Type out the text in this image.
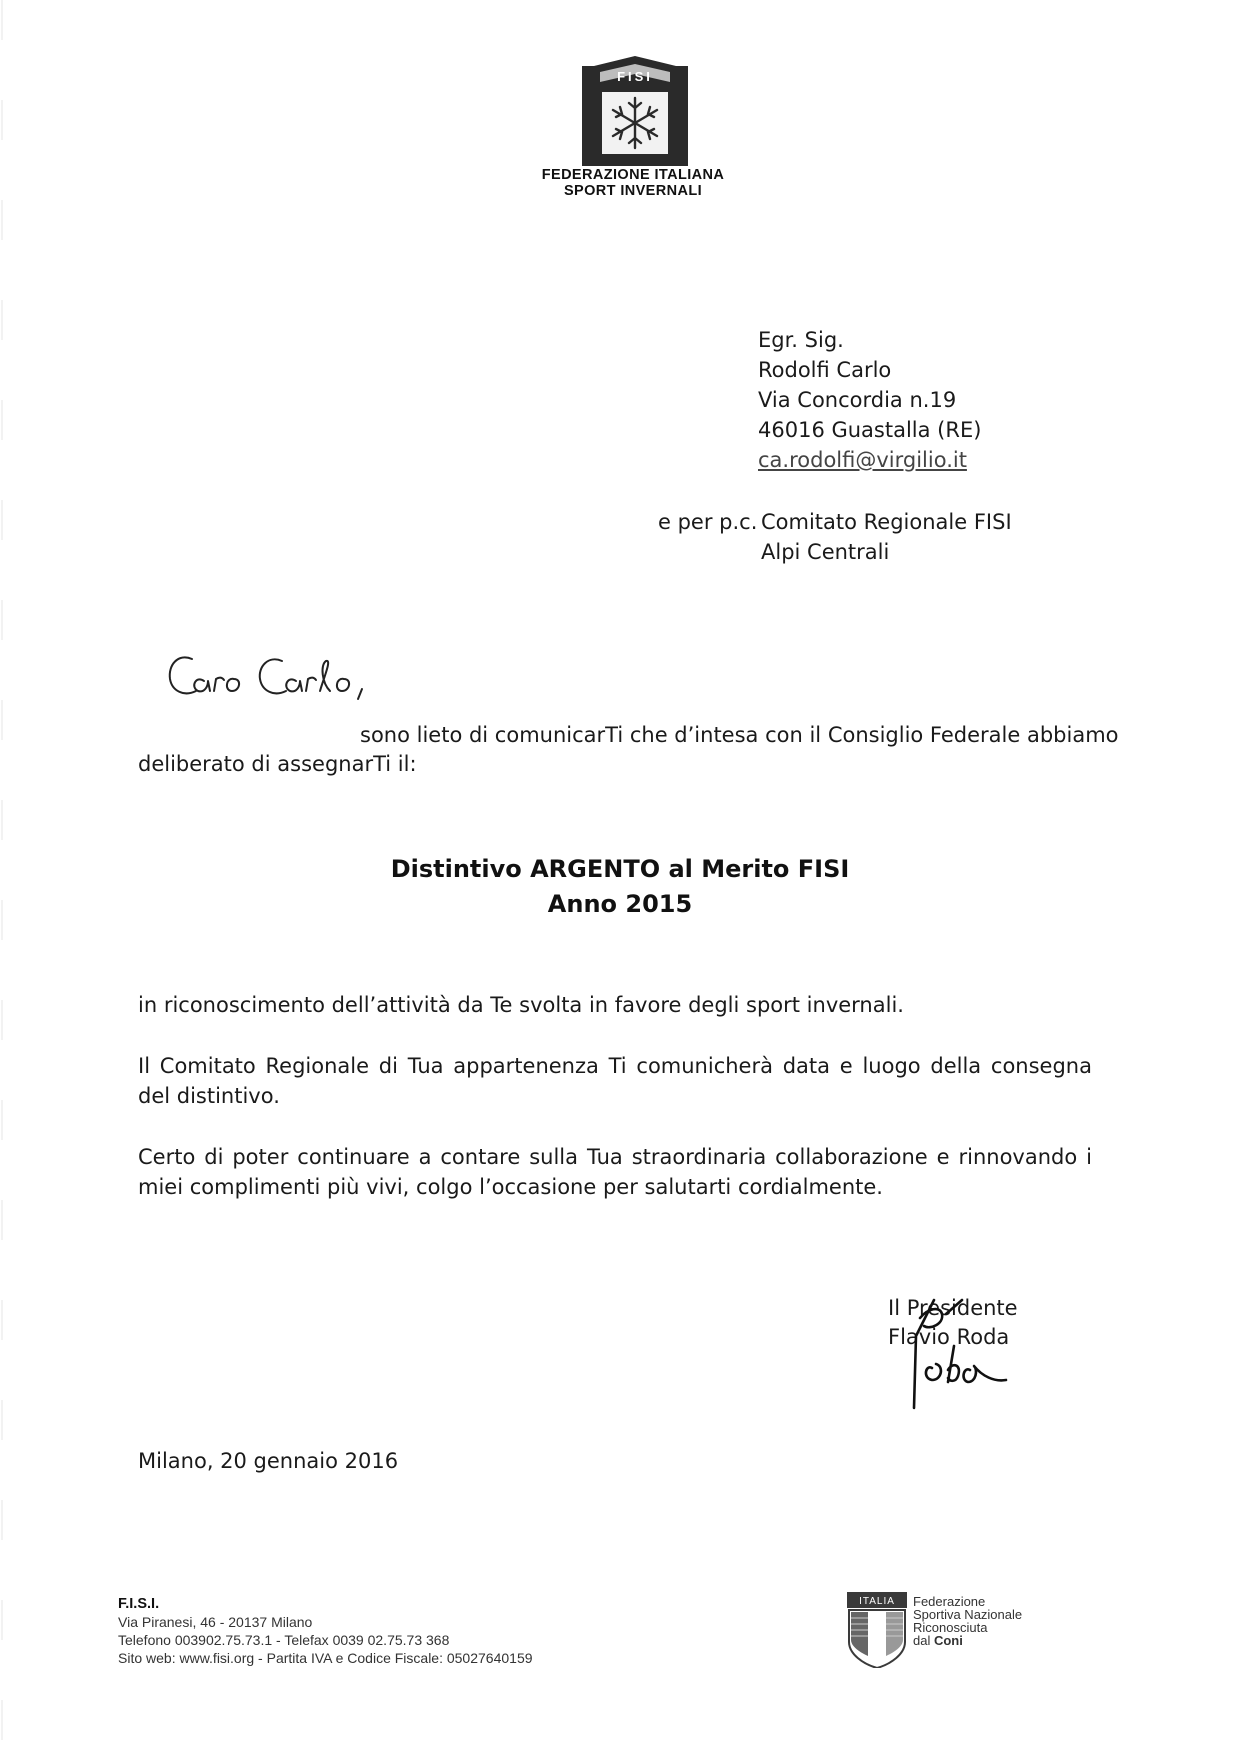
FISI
FEDERAZIONE ITALIANA
SPORT INVERNALI
Egr. Sig.
Rodolfi Carlo
Via Concordia n.19
46016 Guastalla (RE)
ca.rodolfi@virgilio.it
e per p.c. Comitato Regionale FISI
Alpi Centrali
Caro Carlo,
sono lieto di comunicarTi che d’intesa con il Consiglio Federale abbiamo
deliberato di assegnarTi il:
Distintivo ARGENTO al Merito FISI
Anno 2015
in riconoscimento dell’attività da Te svolta in favore degli sport invernali.
Il Comitato Regionale di Tua appartenenza Ti comunicherà data e luogo della consegna del distintivo.
Certo di poter continuare a contare sulla Tua straordinaria collaborazione e rinnovando i miei complimenti più vivi, colgo l’occasione per salutarti cordialmente.
Il Presidente
Flavio Roda
Milano, 20 gennaio 2016
F.I.S.I.
Via Piranesi, 46 - 20137 Milano
Telefono 003902.75.73.1 - Telefax 0039 02.75.73 368
Sito web: www.fisi.org - Partita IVA e Codice Fiscale: 05027640159
ITALIA Federazione
Sportiva Nazionale
Riconosciuta
dal Coni
